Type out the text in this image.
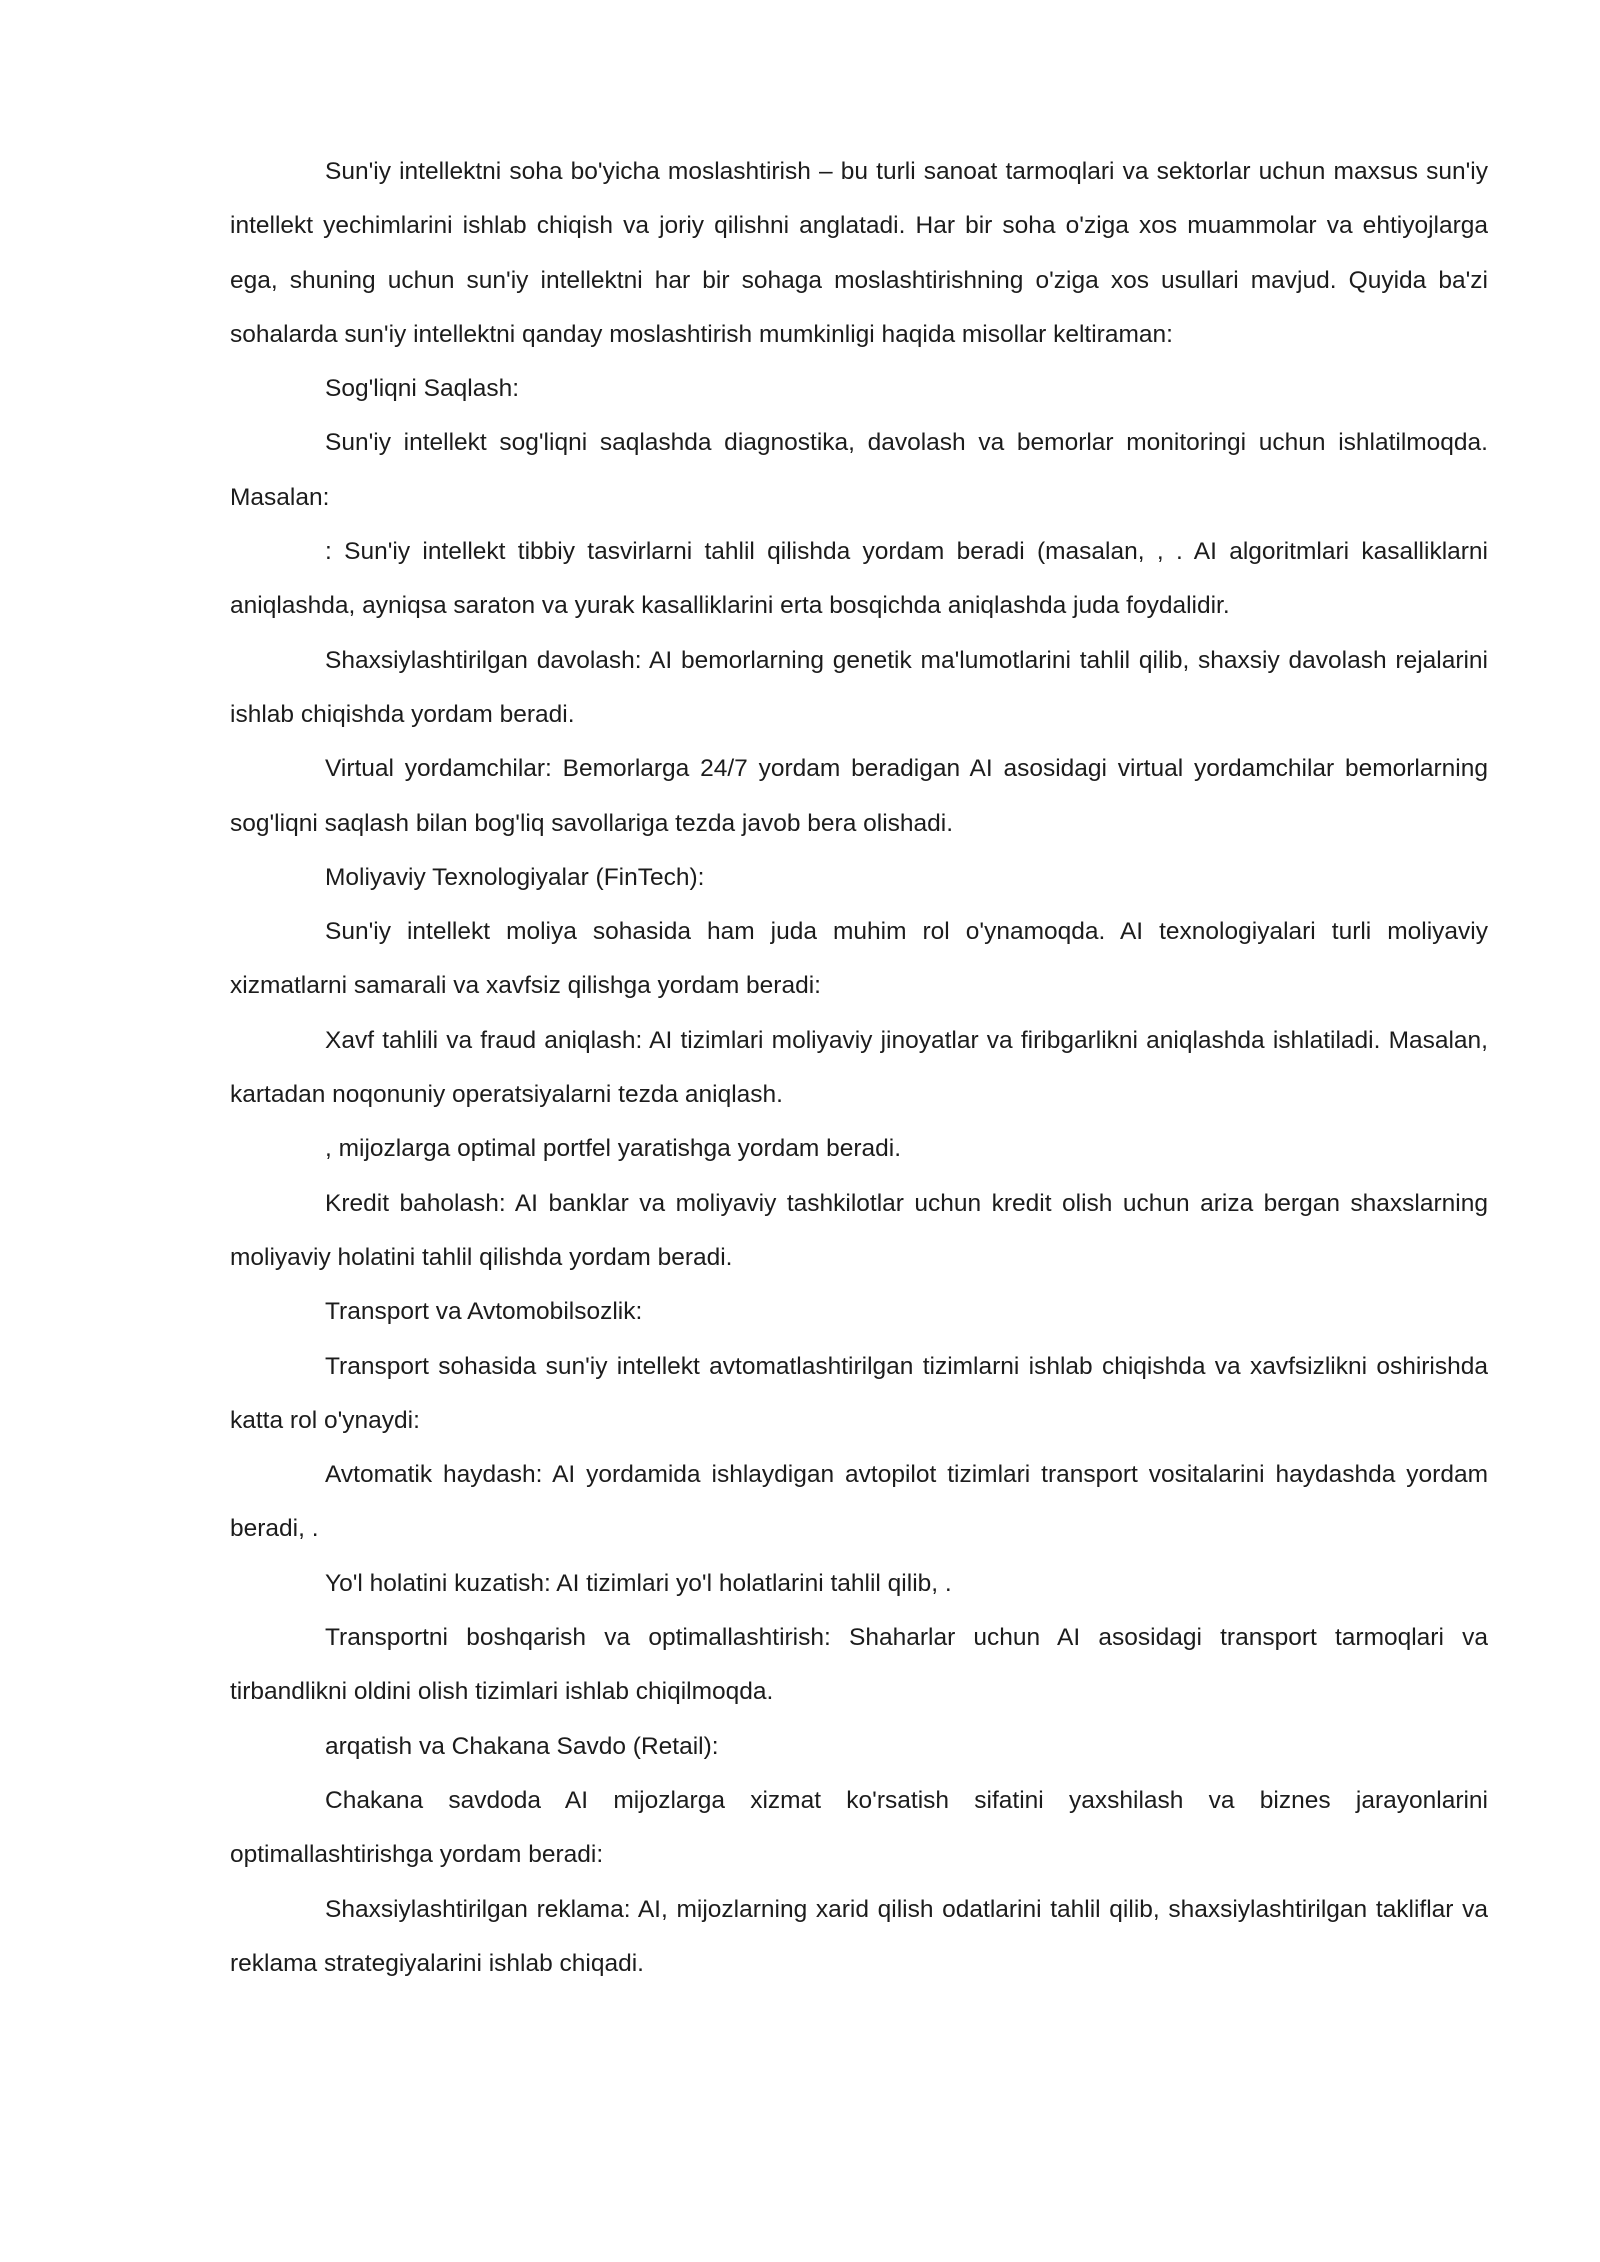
Sun'iy intellektni soha bo'yicha moslashtirish – bu turli sanoat tarmoqlari va sektorlar uchun maxsus sun'iy intellekt yechimlarini ishlab chiqish va joriy qilishni anglatadi. Har bir soha o'ziga xos muammolar va ehtiyojlarga ega, shuning uchun sun'iy intellektni har bir sohaga moslashtirishning o'ziga xos usullari mavjud. Quyida ba'zi sohalarda sun'iy intellektni qanday moslashtirish mumkinligi haqida misollar keltiraman:

Sog'liqni Saqlash:

Sun'iy intellekt sog'liqni saqlashda diagnostika, davolash va bemorlar monitoringi uchun ishlatilmoqda. Masalan:

: Sun'iy intellekt tibbiy tasvirlarni tahlil qilishda yordam beradi (masalan, , . AI algoritmlari kasalliklarni aniqlashda, ayniqsa saraton va yurak kasalliklarini erta bosqichda aniqlashda juda foydalidir.

Shaxsiylashtirilgan davolash: AI bemorlarning genetik ma'lumotlarini tahlil qilib, shaxsiy davolash rejalarini ishlab chiqishda yordam beradi.

Virtual yordamchilar: Bemorlarga 24/7 yordam beradigan AI asosidagi virtual yordamchilar bemorlarning sog'liqni saqlash bilan bog'liq savollariga tezda javob bera olishadi.

Moliyaviy Texnologiyalar (FinTech):

Sun'iy intellekt moliya sohasida ham juda muhim rol o'ynamoqda. AI texnologiyalari turli moliyaviy xizmatlarni samarali va xavfsiz qilishga yordam beradi:

Xavf tahlili va fraud aniqlash: AI tizimlari moliyaviy jinoyatlar va firibgarlikni aniqlashda ishlatiladi. Masalan, kartadan noqonuniy operatsiyalarni tezda aniqlash.

, mijozlarga optimal portfel yaratishga yordam beradi.

Kredit baholash: AI banklar va moliyaviy tashkilotlar uchun kredit olish uchun ariza bergan shaxslarning moliyaviy holatini tahlil qilishda yordam beradi.

Transport va Avtomobilsozlik:

Transport sohasida sun'iy intellekt avtomatlashtirilgan tizimlarni ishlab chiqishda va xavfsizlikni oshirishda katta rol o'ynaydi:

Avtomatik haydash: AI yordamida ishlaydigan avtopilot tizimlari transport vositalarini haydashda yordam beradi, .

Yo'l holatini kuzatish: AI tizimlari yo'l holatlarini tahlil qilib, .

Transportni boshqarish va optimallashtirish: Shaharlar uchun AI asosidagi transport tarmoqlari va tirbandlikni oldini olish tizimlari ishlab chiqilmoqda.

arqatish va Chakana Savdo (Retail):

Chakana savdoda AI mijozlarga xizmat ko'rsatish sifatini yaxshilash va biznes jarayonlarini optimallashtirishga yordam beradi:

Shaxsiylashtirilgan reklama: AI, mijozlarning xarid qilish odatlarini tahlil qilib, shaxsiylashtirilgan takliflar va reklama strategiyalarini ishlab chiqadi.
